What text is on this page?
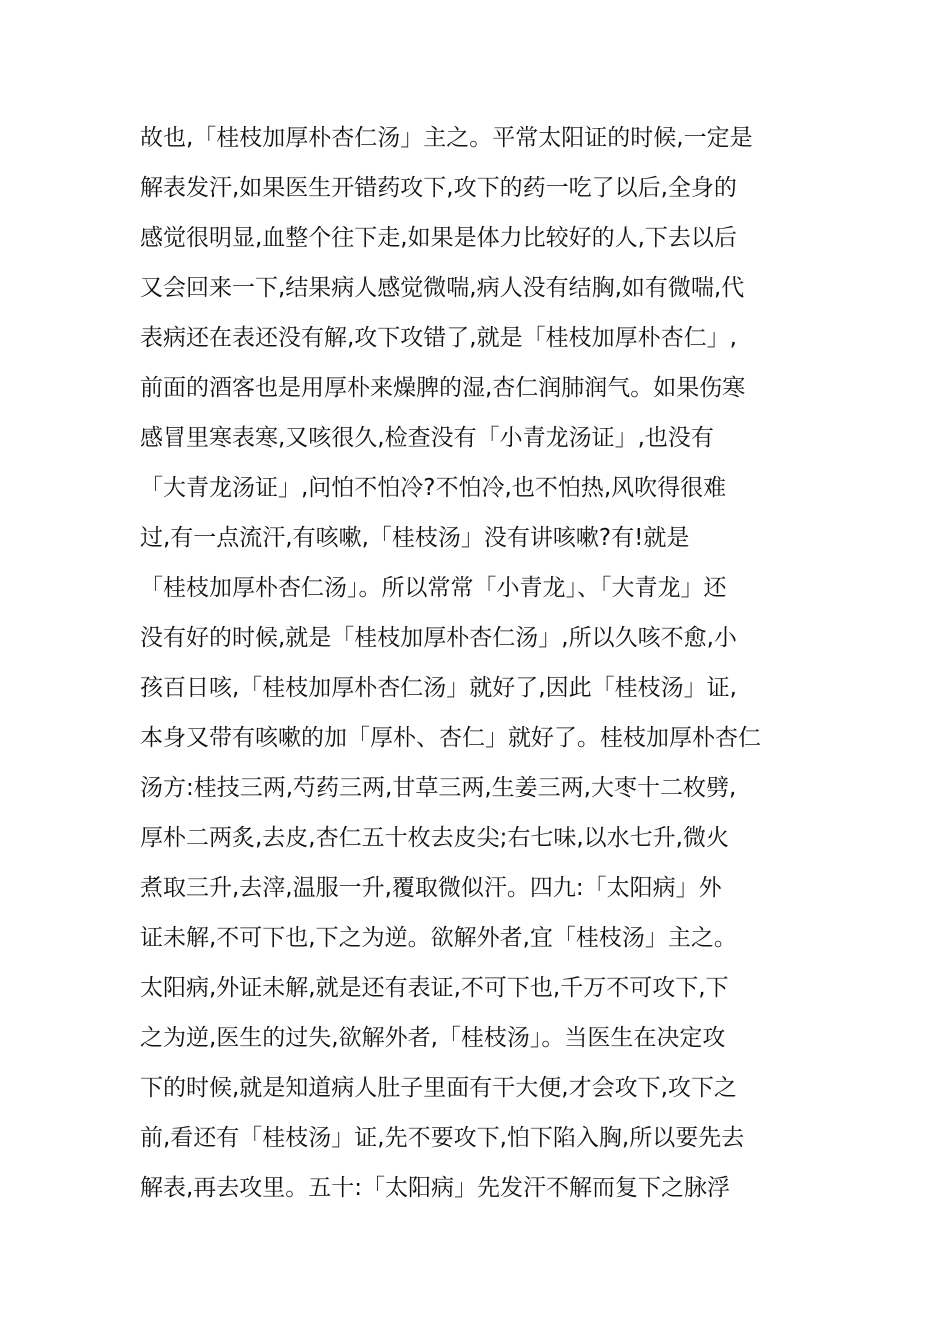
故也,「桂枝加厚朴杏仁汤」主之。平常太阳证的时候,一定是
解表发汗,如果医生开错药攻下,攻下的药一吃了以后,全身的
感觉很明显,血整个往下走,如果是体力比较好的人,下去以后
又会回来一下,结果病人感觉微喘,病人没有结胸,如有微喘,代
表病还在表还没有解,攻下攻错了,就是「桂枝加厚朴杏仁」,
前面的酒客也是用厚朴来燥脾的湿,杏仁润肺润气。如果伤寒
感冒里寒表寒,又咳很久,检查没有「小青龙汤证」,也没有
「大青龙汤证」,问怕不怕冷?不怕冷,也不怕热,风吹得很难
过,有一点流汗,有咳嗽,「桂枝汤」没有讲咳嗽?有!就是
「桂枝加厚朴杏仁汤」。所以常常「小青龙」、「大青龙」还
没有好的时候,就是「桂枝加厚朴杏仁汤」,所以久咳不愈,小
孩百日咳,「桂枝加厚朴杏仁汤」就好了,因此「桂枝汤」证,
本身又带有咳嗽的加「厚朴、杏仁」就好了。桂枝加厚朴杏仁
汤方:桂技三两,芍药三两,甘草三两,生姜三两,大枣十二枚劈,
厚朴二两炙,去皮,杏仁五十枚去皮尖;右七味,以水七升,微火
煮取三升,去滓,温服一升,覆取微似汗。四九:「太阳病」外
证未解,不可下也,下之为逆。欲解外者,宜「桂枝汤」主之。
太阳病,外证未解,就是还有表证,不可下也,千万不可攻下,下
之为逆,医生的过失,欲解外者,「桂枝汤」。当医生在决定攻
下的时候,就是知道病人肚子里面有干大便,才会攻下,攻下之
前,看还有「桂枝汤」证,先不要攻下,怕下陷入胸,所以要先去
解表,再去攻里。五十:「太阳病」先发汗不解而复下之脉浮
